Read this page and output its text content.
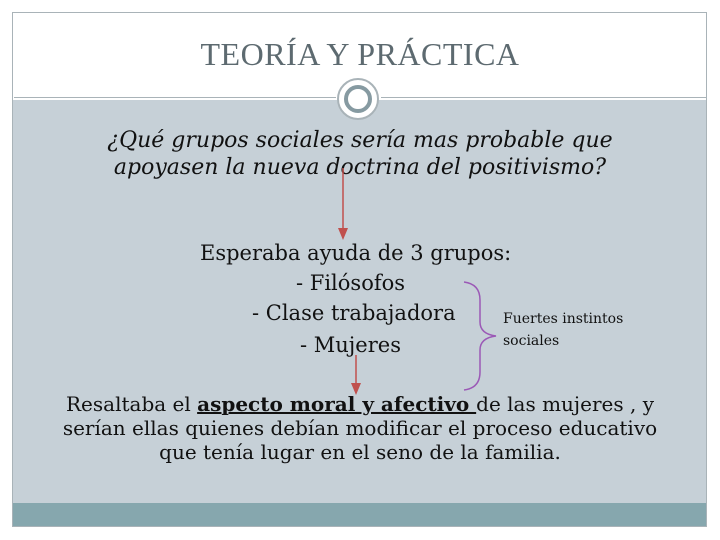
TEORÍA Y PRÁCTICA
¿Qué grupos sociales sería mas probable que
apoyasen la nueva doctrina del positivismo?
Esperaba ayuda de 3 grupos:
- Filósofos
- Clase trabajadora
- Mujeres
Fuertes instintos
sociales
Resaltaba el aspecto moral y afectivo de las mujeres , y
serían ellas quienes debían modificar el proceso educativo
que tenía lugar en el seno de la familia.
